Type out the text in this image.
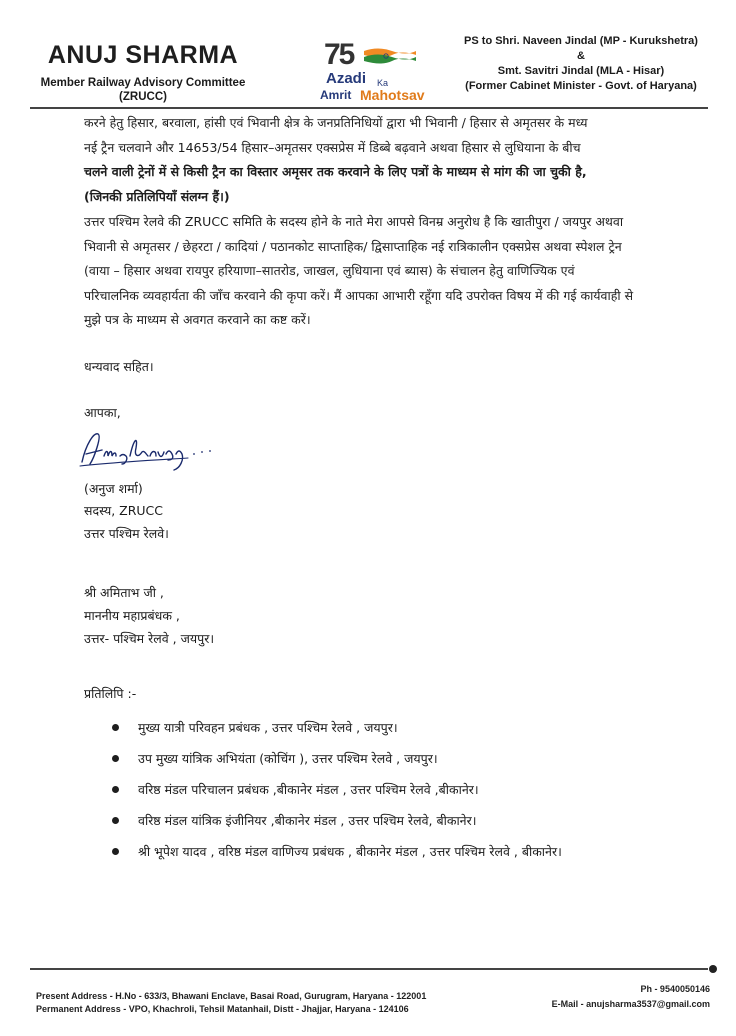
ANUJ SHARMA
Member Railway Advisory Committee
(ZRUCC)
75
Azadi Ka
Amrit Mahotsav
PS to Shri. Naveen Jindal (MP - Kurukshetra)
&
Smt. Savitri Jindal (MLA - Hisar)
(Former Cabinet Minister - Govt. of Haryana)
करने हेतु हिसार, बरवाला, हांसी एवं भिवानी क्षेत्र के जनप्रतिनिधियों द्वारा भी भिवानी / हिसार से अमृतसर के मध्य
नई ट्रैन चलवाने और 14653/54 हिसार–अमृतसर एक्सप्रेस में डिब्बे बढ़वाने अथवा हिसार से लुधियाना के बीच
चलने वाली ट्रेनों में से किसी ट्रैन का विस्तार अमृसर तक करवाने के लिए पत्रों के माध्यम से मांग की जा चुकी है,
(जिनकी प्रतिलिपियाँ संलग्न हैं।)
उत्तर पश्चिम रेलवे की ZRUCC समिति के सदस्य होने के नाते मेरा आपसे विनम्र अनुरोध है कि खातीपुरा / जयपुर अथवा
भिवानी से अमृतसर / छेहरटा / कादियां / पठानकोट साप्ताहिक/ द्विसाप्ताहिक नई रात्रिकालीन एक्सप्रेस अथवा स्पेशल ट्रेन
(वाया – हिसार अथवा रायपुर हरियाणा–सातरोड, जाखल, लुधियाना एवं ब्यास) के संचालन हेतु वाणिज्यिक एवं
परिचालनिक व्यवहार्यता की जाँच करवाने की कृपा करें। मैं आपका आभारी रहूँगा यदि उपरोक्त विषय में की गई कार्यवाही से
मुझे पत्र के माध्यम से अवगत करवाने का कष्ट करें।
धन्यवाद सहित।
आपका,
(अनुज शर्मा)
सदस्य, ZRUCC
उत्तर पश्चिम रेलवे।
श्री अमिताभ जी ,
माननीय महाप्रबंधक ,
उत्तर- पश्चिम रेलवे , जयपुर।
प्रतिलिपि :-
मुख्य यात्री परिवहन प्रबंधक , उत्तर पश्चिम रेलवे , जयपुर।
उप मुख्य यांत्रिक अभियंता (कोचिंग ), उत्तर पश्चिम रेलवे , जयपुर।
वरिष्ठ मंडल परिचालन प्रबंधक ,बीकानेर मंडल , उत्तर पश्चिम रेलवे ,बीकानेर।
वरिष्ठ मंडल यांत्रिक इंजीनियर ,बीकानेर मंडल , उत्तर पश्चिम रेलवे, बीकानेर।
श्री भूपेश यादव , वरिष्ठ मंडल वाणिज्य प्रबंधक , बीकानेर मंडल , उत्तर पश्चिम रेलवे , बीकानेर।
Present Address - H.No - 633/3, Bhawani Enclave, Basai Road, Gurugram, Haryana - 122001
Permanent Address - VPO, Khachroli, Tehsil Matanhail, Distt - Jhajjar, Haryana - 124106
Ph - 9540050146
E-Mail - anujsharma3537@gmail.com
